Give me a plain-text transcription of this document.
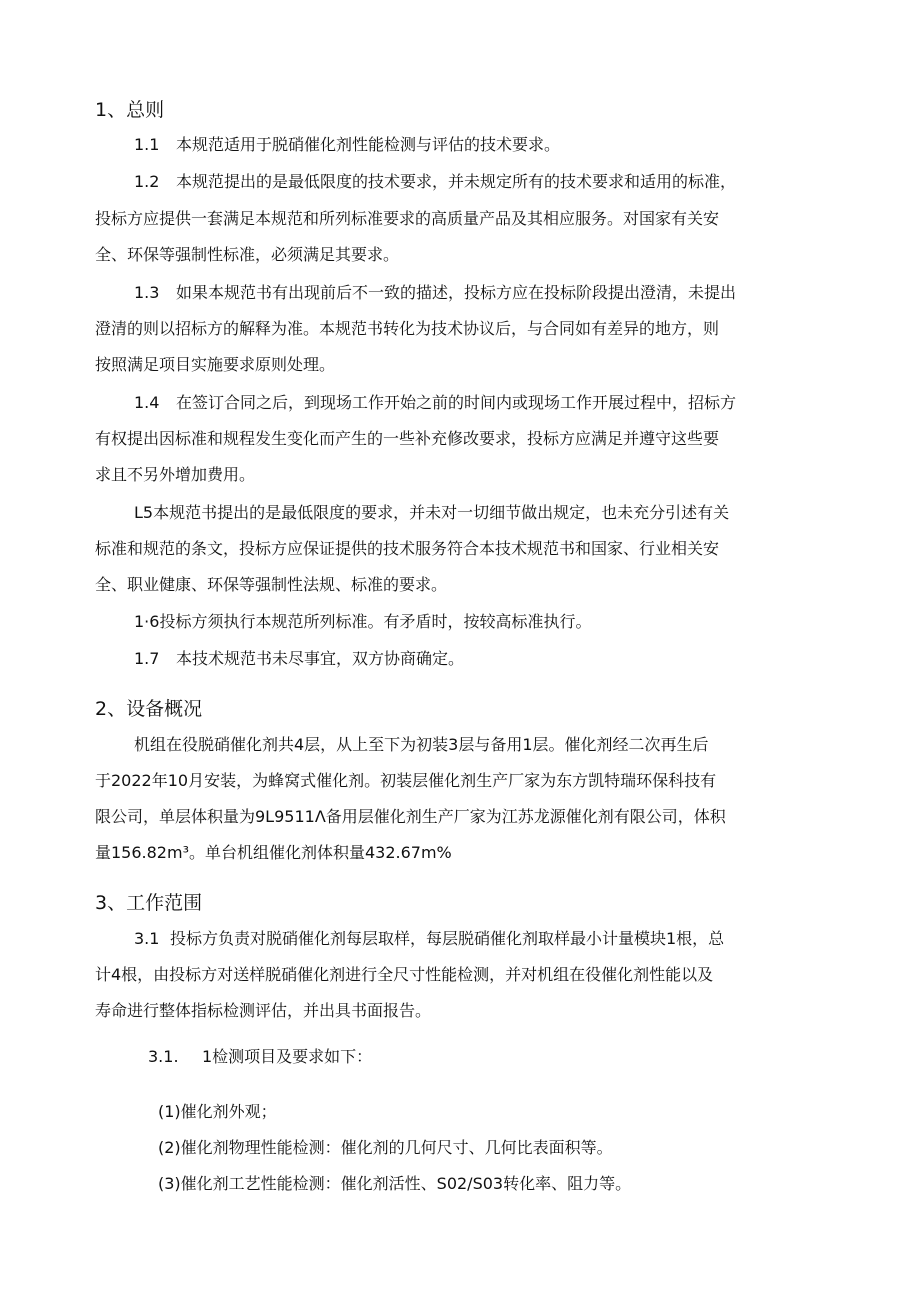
1、总则
1.1 本规范适用于脱硝催化剂性能检测与评估的技术要求。
1.2 本规范提出的是最低限度的技术要求，并未规定所有的技术要求和适用的标准，
投标方应提供一套满足本规范和所列标准要求的高质量产品及其相应服务。对国家有关安
全、环保等强制性标准，必须满足其要求。
1.3 如果本规范书有出现前后不一致的描述，投标方应在投标阶段提出澄清，未提出
澄清的则以招标方的解释为准。本规范书转化为技术协议后，与合同如有差异的地方，则
按照满足项目实施要求原则处理。
1.4 在签订合同之后，到现场工作开始之前的时间内或现场工作开展过程中，招标方
有权提出因标准和规程发生变化而产生的一些补充修改要求，投标方应满足并遵守这些要
求且不另外增加费用。
L5本规范书提出的是最低限度的要求，并未对一切细节做出规定，也未充分引述有关
标准和规范的条文，投标方应保证提供的技术服务符合本技术规范书和国家、行业相关安
全、职业健康、环保等强制性法规、标准的要求。
1·6投标方须执行本规范所列标准。有矛盾时，按较高标准执行。
1.7 本技术规范书未尽事宜，双方协商确定。
2、设备概况
机组在役脱硝催化剂共4层，从上至下为初装3层与备用1层。催化剂经二次再生后
于2022年10月安装，为蜂窝式催化剂。初装层催化剂生产厂家为东方凯特瑞环保科技有
限公司，单层体积量为9L9511Λ备用层催化剂生产厂家为江苏龙源催化剂有限公司，体积
量156.82m³。单台机组催化剂体积量432.67m%
3、工作范围
3.1 投标方负责对脱硝催化剂每层取样，每层脱硝催化剂取样最小计量模块1根，总
计4根，由投标方对送样脱硝催化剂进行全尺寸性能检测，并对机组在役催化剂性能以及
寿命进行整体指标检测评估，并出具书面报告。
3.1. 1检测项目及要求如下：
(1)催化剂外观；
(2)催化剂物理性能检测：催化剂的几何尺寸、几何比表面积等。
(3)催化剂工艺性能检测：催化剂活性、S02/S03转化率、阻力等。
